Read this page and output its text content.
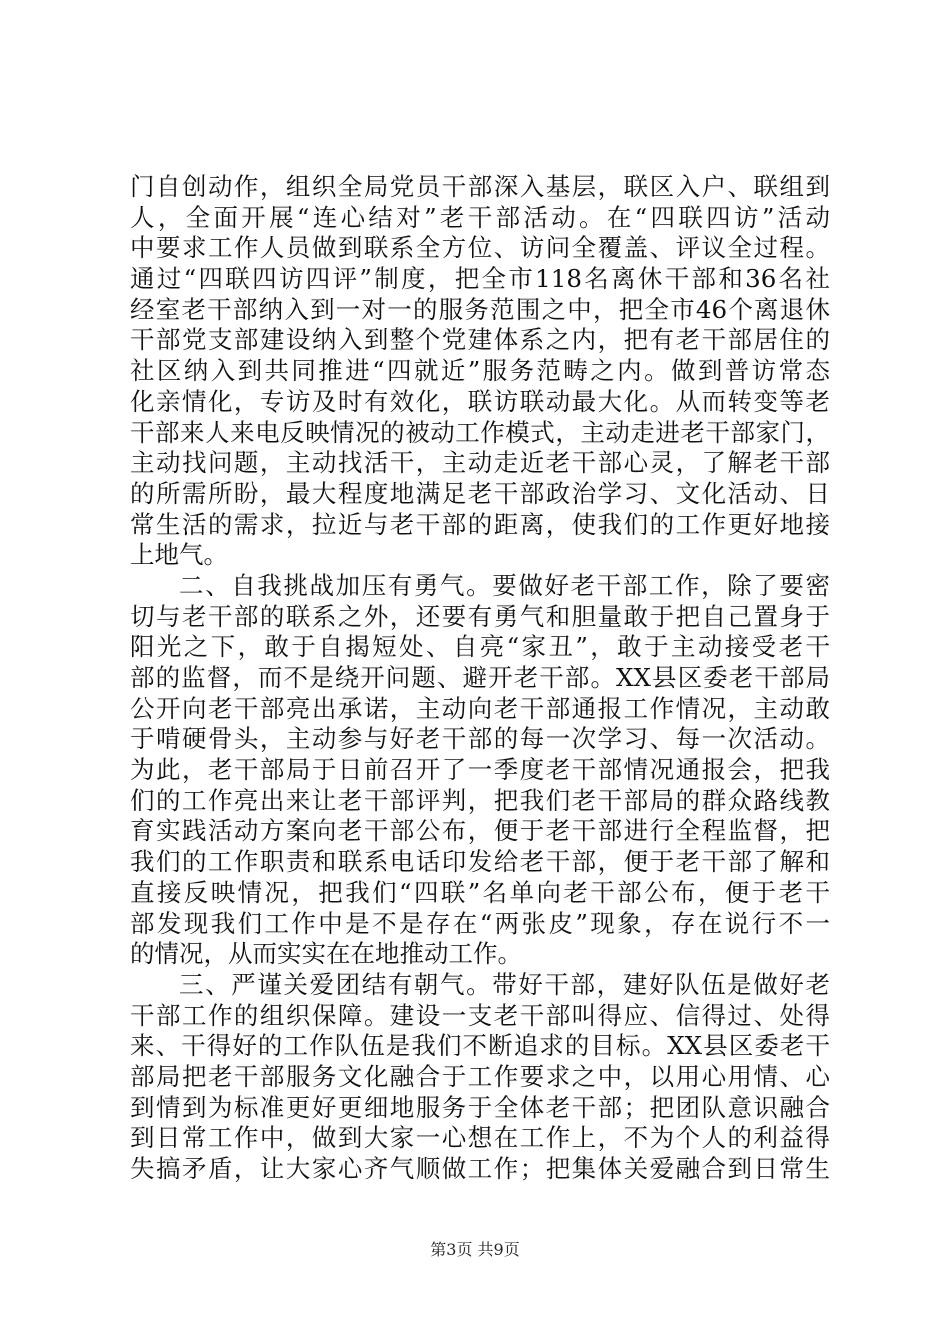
门自创动作，组织全局党员干部深入基层，联区入户、联组到
人，全面开展“连心结对”老干部活动。在“四联四访”活动
中要求工作人员做到联系全方位、访问全覆盖、评议全过程。
通过“四联四访四评”制度，把全市118名离休干部和36名社
经室老干部纳入到一对一的服务范围之中，把全市46个离退休
干部党支部建设纳入到整个党建体系之内，把有老干部居住的
社区纳入到共同推进“四就近”服务范畴之内。做到普访常态
化亲情化，专访及时有效化，联访联动最大化。从而转变等老
干部来人来电反映情况的被动工作模式，主动走进老干部家门，
主动找问题，主动找活干，主动走近老干部心灵，了解老干部
的所需所盼，最大程度地满足老干部政治学习、文化活动、日
常生活的需求，拉近与老干部的距离，使我们的工作更好地接
上地气。
二、自我挑战加压有勇气。要做好老干部工作，除了要密
切与老干部的联系之外，还要有勇气和胆量敢于把自己置身于
阳光之下，敢于自揭短处、自亮“家丑”，敢于主动接受老干
部的监督，而不是绕开问题、避开老干部。XX县区委老干部局
公开向老干部亮出承诺，主动向老干部通报工作情况，主动敢
于啃硬骨头，主动参与好老干部的每一次学习、每一次活动。
为此，老干部局于日前召开了一季度老干部情况通报会，把我
们的工作亮出来让老干部评判，把我们老干部局的群众路线教
育实践活动方案向老干部公布，便于老干部进行全程监督，把
我们的工作职责和联系电话印发给老干部，便于老干部了解和
直接反映情况，把我们“四联”名单向老干部公布，便于老干
部发现我们工作中是不是存在“两张皮”现象，存在说行不一
的情况，从而实实在在地推动工作。
三、严谨关爱团结有朝气。带好干部，建好队伍是做好老
干部工作的组织保障。建设一支老干部叫得应、信得过、处得
来、干得好的工作队伍是我们不断追求的目标。XX县区委老干
部局把老干部服务文化融合于工作要求之中，以用心用情、心
到情到为标准更好更细地服务于全体老干部；把团队意识融合
到日常工作中，做到大家一心想在工作上，不为个人的利益得
失搞矛盾，让大家心齐气顺做工作；把集体关爱融合到日常生
第3页 共9页
